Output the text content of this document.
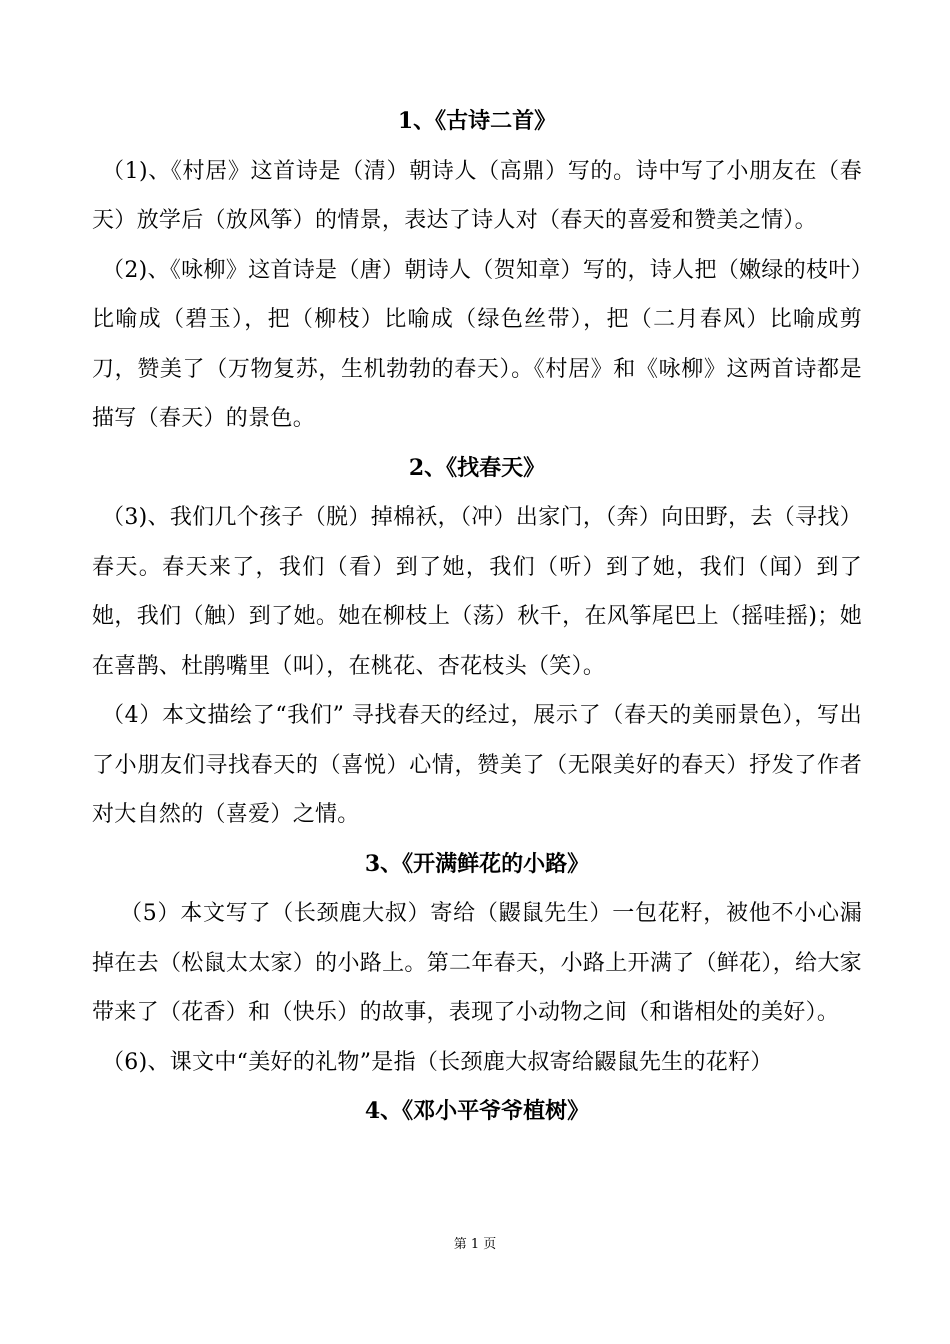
1、《古诗二首》

（1)、《村居》这首诗是（清）朝诗人（高鼎）写的。诗中写了小朋友在（春天）放学后（放风筝）的情景，表达了诗人对（春天的喜爱和赞美之情）。

（2)、《咏柳》这首诗是（唐）朝诗人（贺知章）写的，诗人把（嫩绿的枝叶）比喻成（碧玉），把（柳枝）比喻成（绿色丝带），把（二月春风）比喻成剪刀，赞美了（万物复苏，生机勃勃的春天）。《村居》和《咏柳》这两首诗都是描写（春天）的景色。

2、《找春天》

（3)、我们几个孩子（脱）掉棉袄，（冲）出家门，（奔）向田野，去（寻找）春天。春天来了，我们（看）到了她，我们（听）到了她，我们（闻）到了她，我们（触）到了她。她在柳枝上（荡）秋千，在风筝尾巴上（摇哇摇)；她在喜鹊、杜鹃嘴里（叫），在桃花、杏花枝头（笑）。

（4）本文描绘了“我们” 寻找春天的经过，展示了（春天的美丽景色），写出了小朋友们寻找春天的（喜悦）心情，赞美了（无限美好的春天）抒发了作者对大自然的（喜爱）之情。

3、《开满鲜花的小路》

（5）本文写了（长颈鹿大叔）寄给（鼹鼠先生）一包花籽，被他不小心漏掉在去（松鼠太太家）的小路上。第二年春天，小路上开满了（鲜花），给大家带来了（花香）和（快乐）的故事，表现了小动物之间（和谐相处的美好）。

（6)、课文中“美好的礼物”是指（长颈鹿大叔寄给鼹鼠先生的花籽）

4、《邓小平爷爷植树》
第 1 页
